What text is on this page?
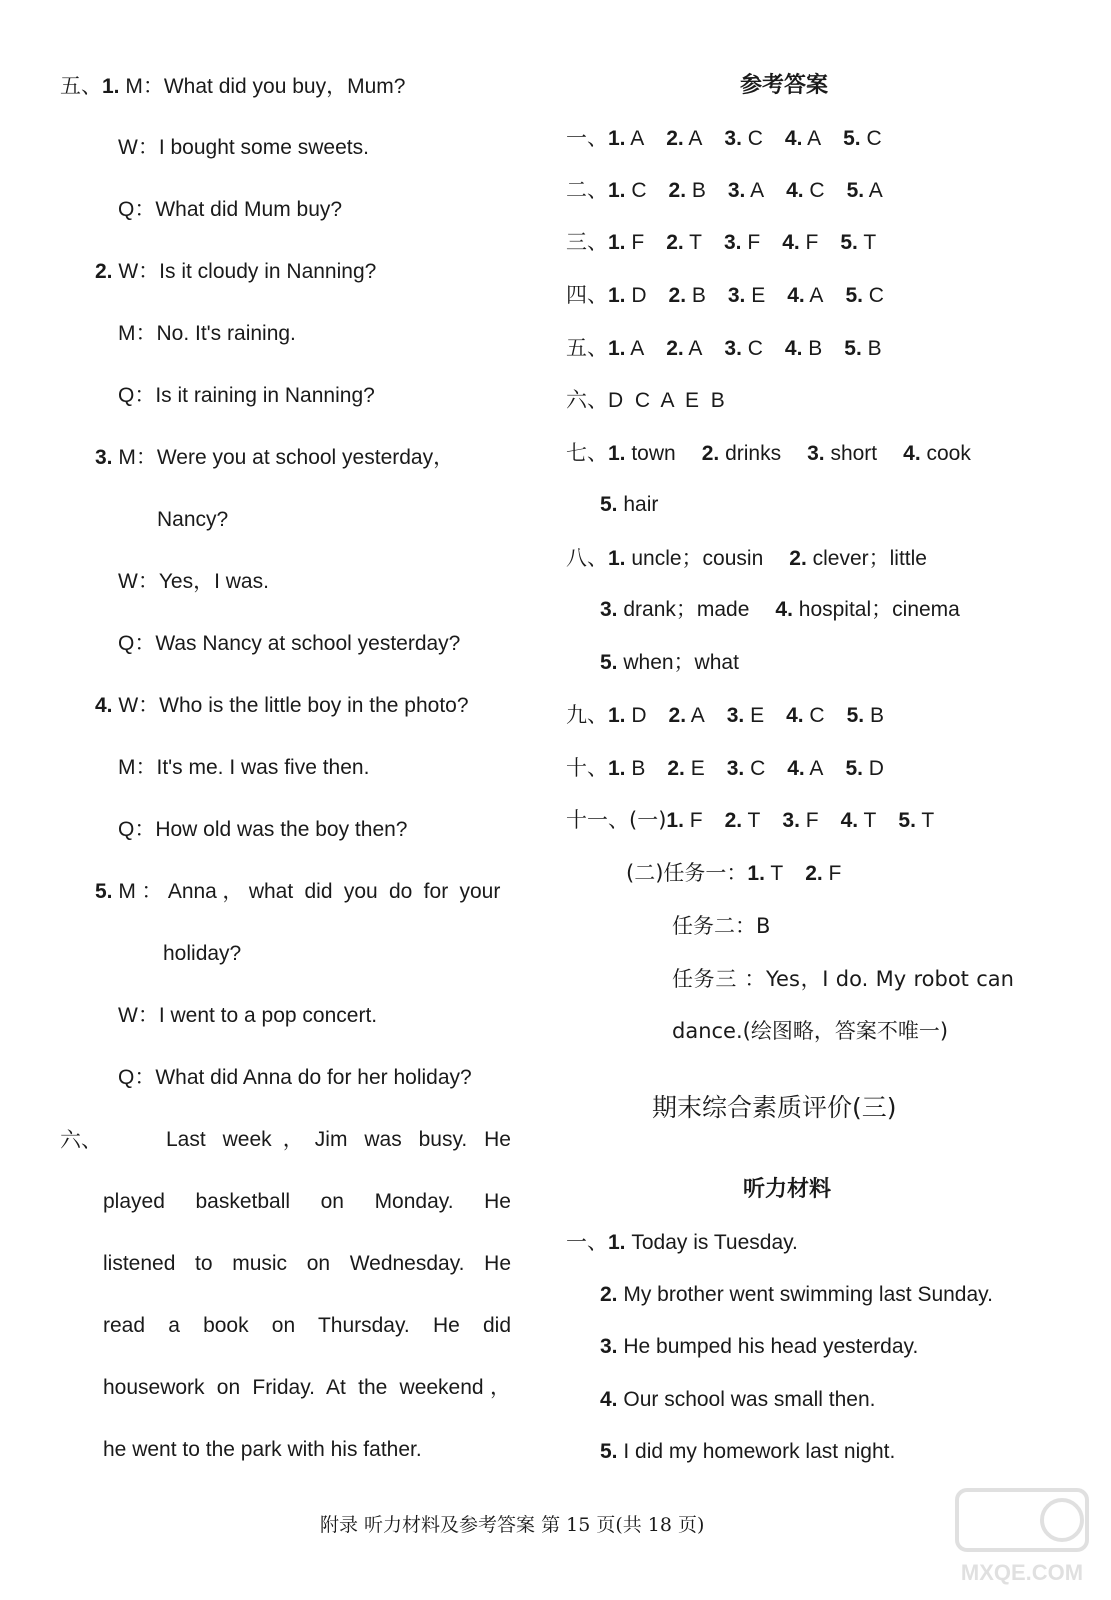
五、1. M：What did you buy，Mum?
W：I bought some sweets.
Q：What did Mum buy?
2. W：Is it cloudy in Nanning?
M：No. It's raining.
Q：Is it raining in Nanning?
3. M：Were you at school yesterday，
Nancy?
W：Yes，I was.
Q：Was Nancy at school yesterday?
4. W：Who is the little boy in the photo?
M：It's me. I was five then.
Q：How old was the boy then?
5. M：Anna，what did you do for your
holiday?
W：I went to a pop concert.
Q：What did Anna do for her holiday?
六、	Last week，Jim was busy. He
played basketball on Monday. He
listened to music on Wednesday. He
read a book on Thursday. He did
housework on Friday. At the weekend，
he went to the park with his father.
参考答案
一、1. A 2. A 3. C 4. A 5. C
二、1. C 2. B 3. A 4. C 5. A
三、1. F 2. T 3. F 4. F 5. T
四、1. D 2. B 3. E 4. A 5. C
五、1. A 2. A 3. C 4. B 5. B
六、D  C  A  E  B
七、1. town 2. drinks 3. short 4. cook
5. hair
八、1. uncle；cousin 2. clever；little
3. drank；made 4. hospital；cinema
5. when；what
九、1. D 2. A 3. E 4. C 5. B
十、1. B 2. E 3. C 4. A 5. D
十一、(一)1. F 2. T 3. F 4. T 5. T
(二)任务一：1. T 2. F
任务二：B
任务三 ：Yes，I do. My robot can
dance.(绘图略，答案不唯一)
期末综合素质评价(三)
听力材料
一、1. Today is Tuesday.
2. My brother went swimming last Sunday.
3. He bumped his head yesterday.
4. Our school was small then.
5. I did my homework last night.
附录 听力材料及参考答案 第 15 页(共 18 页)
MXQE.COM
